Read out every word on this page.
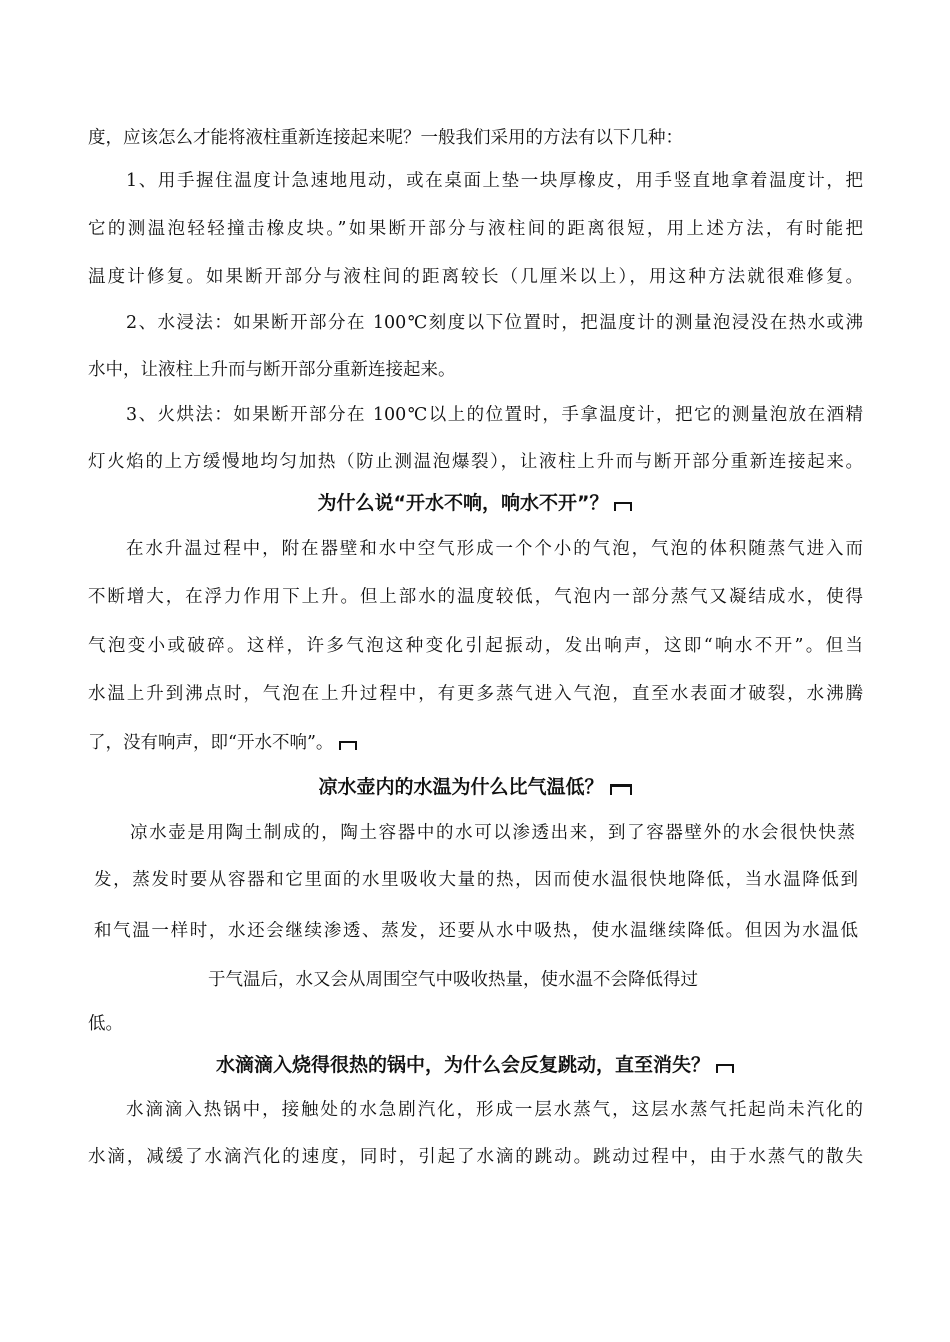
度，应该怎么才能将液柱重新连接起来呢？一般我们采用的方法有以下几种：
1、用手握住温度计急速地甩动，或在桌面上垫一块厚橡皮，用手竖直地拿着温度计，把
它的测温泡轻轻撞击橡皮块。”如果断开部分与液柱间的距离很短，用上述方法，有时能把
温度计修复。如果断开部分与液柱间的距离较长（几厘米以上），用这种方法就很难修复。
2、水浸法：如果断开部分在 100℃刻度以下位置时，把温度计的测量泡浸没在热水或沸
水中，让液柱上升而与断开部分重新连接起来。
3、火烘法：如果断开部分在 100℃以上的位置时，手拿温度计，把它的测量泡放在酒精
灯火焰的上方缓慢地均匀加热（防止测温泡爆裂），让液柱上升而与断开部分重新连接起来。
为什么说“开水不响，响水不开”？
在水升温过程中，附在器壁和水中空气形成一个个小的气泡，气泡的体积随蒸气进入而
不断增大，在浮力作用下上升。但上部水的温度较低，气泡内一部分蒸气又凝结成水，使得
气泡变小或破碎。这样，许多气泡这种变化引起振动，发出响声，这即“响水不开”。但当
水温上升到沸点时，气泡在上升过程中，有更多蒸气进入气泡，直至水表面才破裂，水沸腾
了，没有响声，即“开水不响”。
凉水壶内的水温为什么比气温低？
凉水壶是用陶土制成的，陶土容器中的水可以渗透出来，到了容器壁外的水会很快快蒸
发，蒸发时要从容器和它里面的水里吸收大量的热，因而使水温很快地降低，当水温降低到
和气温一样时，水还会继续渗透、蒸发，还要从水中吸热，使水温继续降低。但因为水温低
于气温后，水又会从周围空气中吸收热量，使水温不会降低得过
低。
水滴滴入烧得很热的锅中，为什么会反复跳动，直至消失？
水滴滴入热锅中，接触处的水急剧汽化，形成一层水蒸气，这层水蒸气托起尚未汽化的
水滴，减缓了水滴汽化的速度，同时，引起了水滴的跳动。跳动过程中，由于水蒸气的散失
